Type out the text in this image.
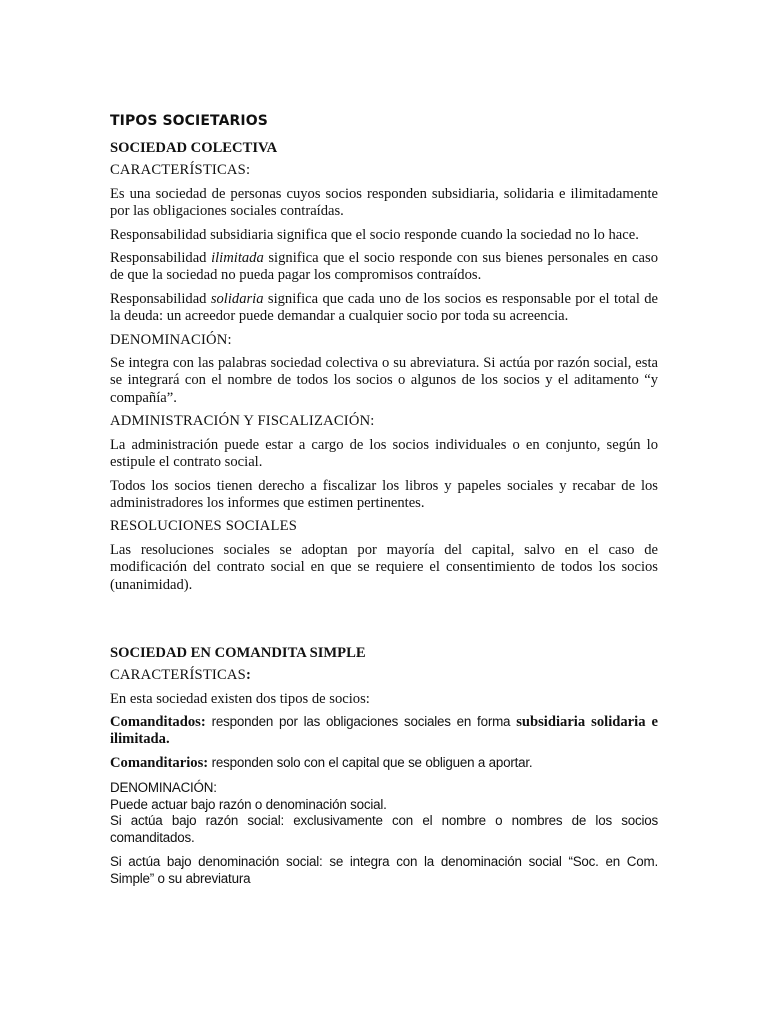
TIPOS SOCIETARIOS
SOCIEDAD COLECTIVA
CARACTERÍSTICAS:

Es una sociedad de personas cuyos socios responden subsidiaria, solidaria e ilimitadamente por las obligaciones sociales contraídas.

Responsabilidad subsidiaria significa que el socio responde cuando la sociedad no lo hace.

Responsabilidad ilimitada significa que el socio responde con sus bienes personales en caso de que la sociedad no pueda pagar los compromisos contraídos.

Responsabilidad solidaria significa que cada uno de los socios es responsable por el total de la deuda: un acreedor puede demandar a cualquier socio por toda su acreencia.

DENOMINACIÓN:

Se integra con las palabras sociedad colectiva o su abreviatura. Si actúa por razón social, esta se integrará con el nombre de todos los socios o algunos de los socios y el aditamento “y compañía”.

ADMINISTRACIÓN Y FISCALIZACIÓN:

La administración puede estar a cargo de los socios individuales o en conjunto, según lo estipule el contrato social.

Todos los socios tienen derecho a fiscalizar los libros y papeles sociales y recabar de los administradores los informes que estimen pertinentes.

RESOLUCIONES SOCIALES

Las resoluciones sociales se adoptan por mayoría del capital, salvo en el caso de modificación del contrato social en que se requiere el consentimiento de todos los socios (unanimidad).

SOCIEDAD EN COMANDITA SIMPLE
CARACTERÍSTICAS:

En esta sociedad existen dos tipos de socios:

Comanditados: responden por las obligaciones sociales en forma subsidiaria solidaria e ilimitada.

Comanditarios: responden solo con el capital que se obliguen a aportar.

DENOMINACIÓN:

Puede actuar bajo razón o denominación social.

Si actúa bajo razón social: exclusivamente con el nombre o nombres de los socios comanditados.

Si actúa bajo denominación social: se integra con la denominación social “Soc. en Com. Simple” o su abreviatura
